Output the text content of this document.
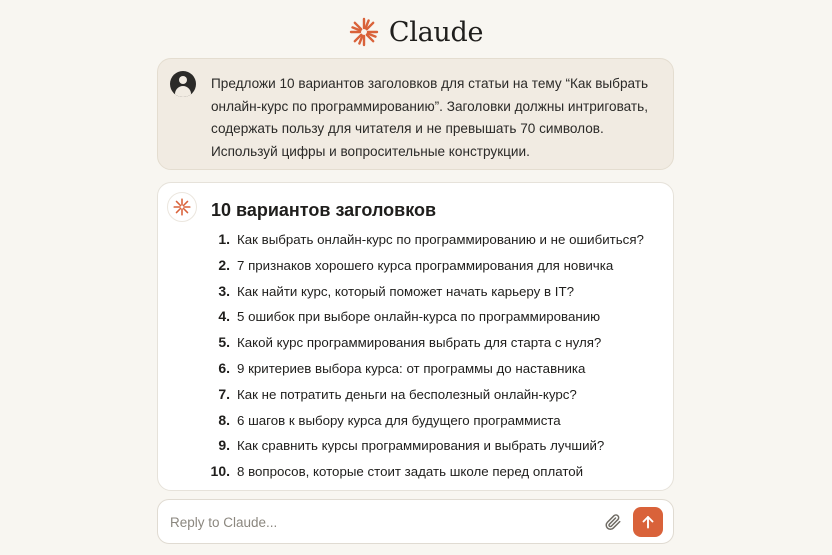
Claude
Предложи 10 вариантов заголовков для статьи на тему “Как выбрать онлайн-курс по программированию”. Заголовки должны интриговать, содержать пользу для читателя и не превышать 70 символов. Используй цифры и вопросительные конструкции.
10 вариантов заголовков
1. Как выбрать онлайн-курс по программированию и не ошибиться?
2. 7 признаков хорошего курса программирования для новичка
3. Как найти курс, который поможет начать карьеру в IT?
4. 5 ошибок при выборе онлайн-курса по программированию
5. Какой курс программирования выбрать для старта с нуля?
6. 9 критериев выбора курса: от программы до наставника
7. Как не потратить деньги на бесполезный онлайн-курс?
8. 6 шагов к выбору курса для будущего программиста
9. Как сравнить курсы программирования и выбрать лучший?
10. 8 вопросов, которые стоит задать школе перед оплатой
Reply to Claude...
